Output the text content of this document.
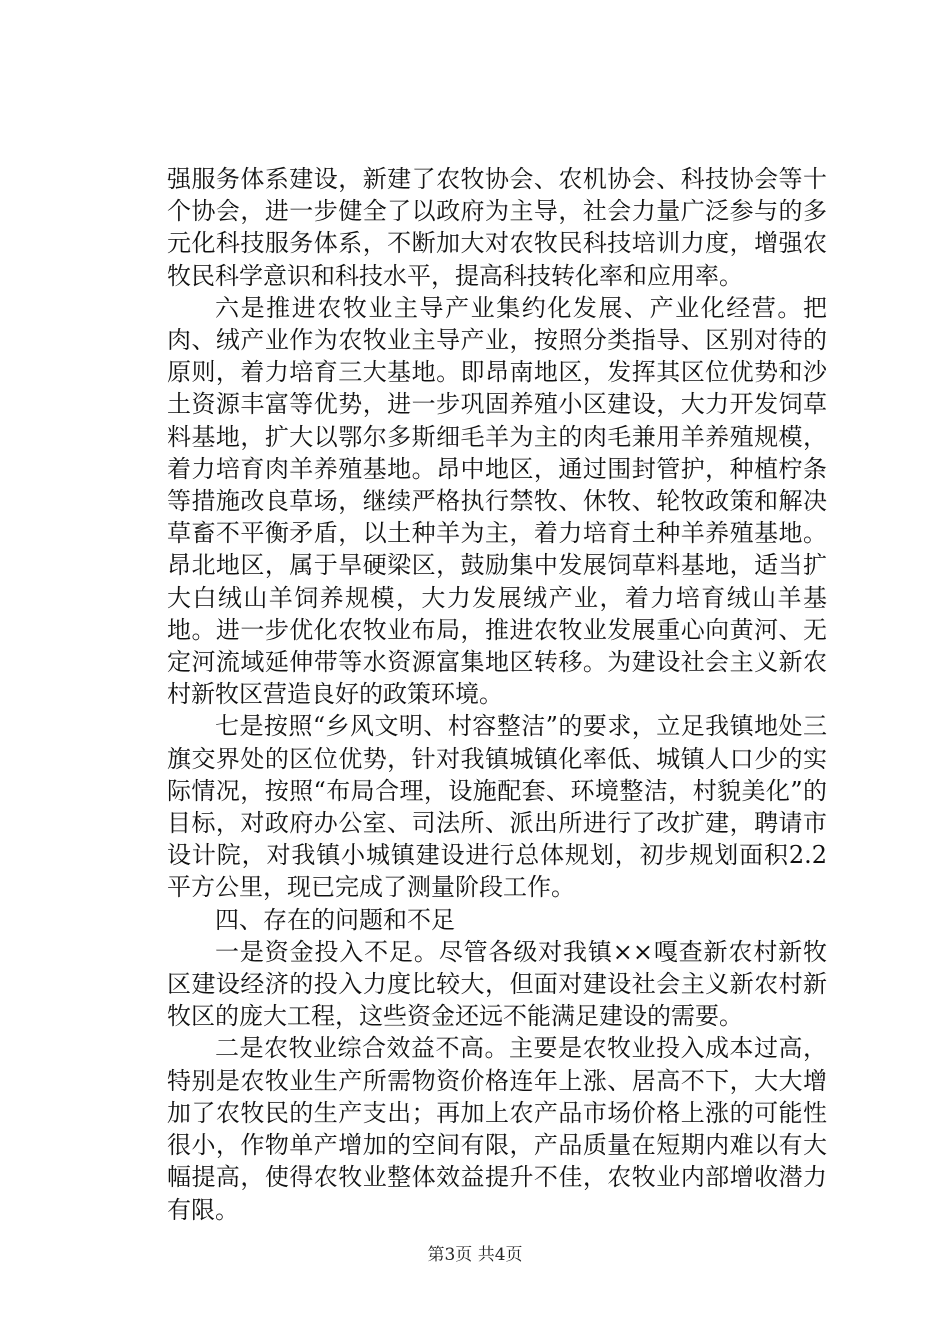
强服务体系建设，新建了农牧协会、农机协会、科技协会等十个协会，进一步健全了以政府为主导，社会力量广泛参与的多元化科技服务体系，不断加大对农牧民科技培训力度，增强农牧民科学意识和科技水平，提高科技转化率和应用率。

六是推进农牧业主导产业集约化发展、产业化经营。把肉、绒产业作为农牧业主导产业，按照分类指导、区别对待的原则，着力培育三大基地。即昂南地区，发挥其区位优势和沙土资源丰富等优势，进一步巩固养殖小区建设，大力开发饲草料基地，扩大以鄂尔多斯细毛羊为主的肉毛兼用羊养殖规模，着力培育肉羊养殖基地。昂中地区，通过围封管护，种植柠条等措施改良草场，继续严格执行禁牧、休牧、轮牧政策和解决草畜不平衡矛盾，以土种羊为主，着力培育土种羊养殖基地。昂北地区，属于旱硬梁区，鼓励集中发展饲草料基地，适当扩大白绒山羊饲养规模，大力发展绒产业，着力培育绒山羊基地。进一步优化农牧业布局，推进农牧业发展重心向黄河、无定河流域延伸带等水资源富集地区转移。为建设社会主义新农村新牧区营造良好的政策环境。

七是按照“乡风文明、村容整洁”的要求，立足我镇地处三旗交界处的区位优势，针对我镇城镇化率低、城镇人口少的实际情况，按照“布局合理，设施配套、环境整洁，村貌美化”的目标，对政府办公室、司法所、派出所进行了改扩建，聘请市设计院，对我镇小城镇建设进行总体规划，初步规划面积2.2平方公里，现已完成了测量阶段工作。

四、存在的问题和不足

一是资金投入不足。尽管各级对我镇××嘎查新农村新牧区建设经济的投入力度比较大，但面对建设社会主义新农村新牧区的庞大工程，这些资金还远不能满足建设的需要。

二是农牧业综合效益不高。主要是农牧业投入成本过高，特别是农牧业生产所需物资价格连年上涨、居高不下，大大增加了农牧民的生产支出；再加上农产品市场价格上涨的可能性很小，作物单产增加的空间有限，产品质量在短期内难以有大幅提高，使得农牧业整体效益提升不佳，农牧业内部增收潜力有限。

第3页 共4页
